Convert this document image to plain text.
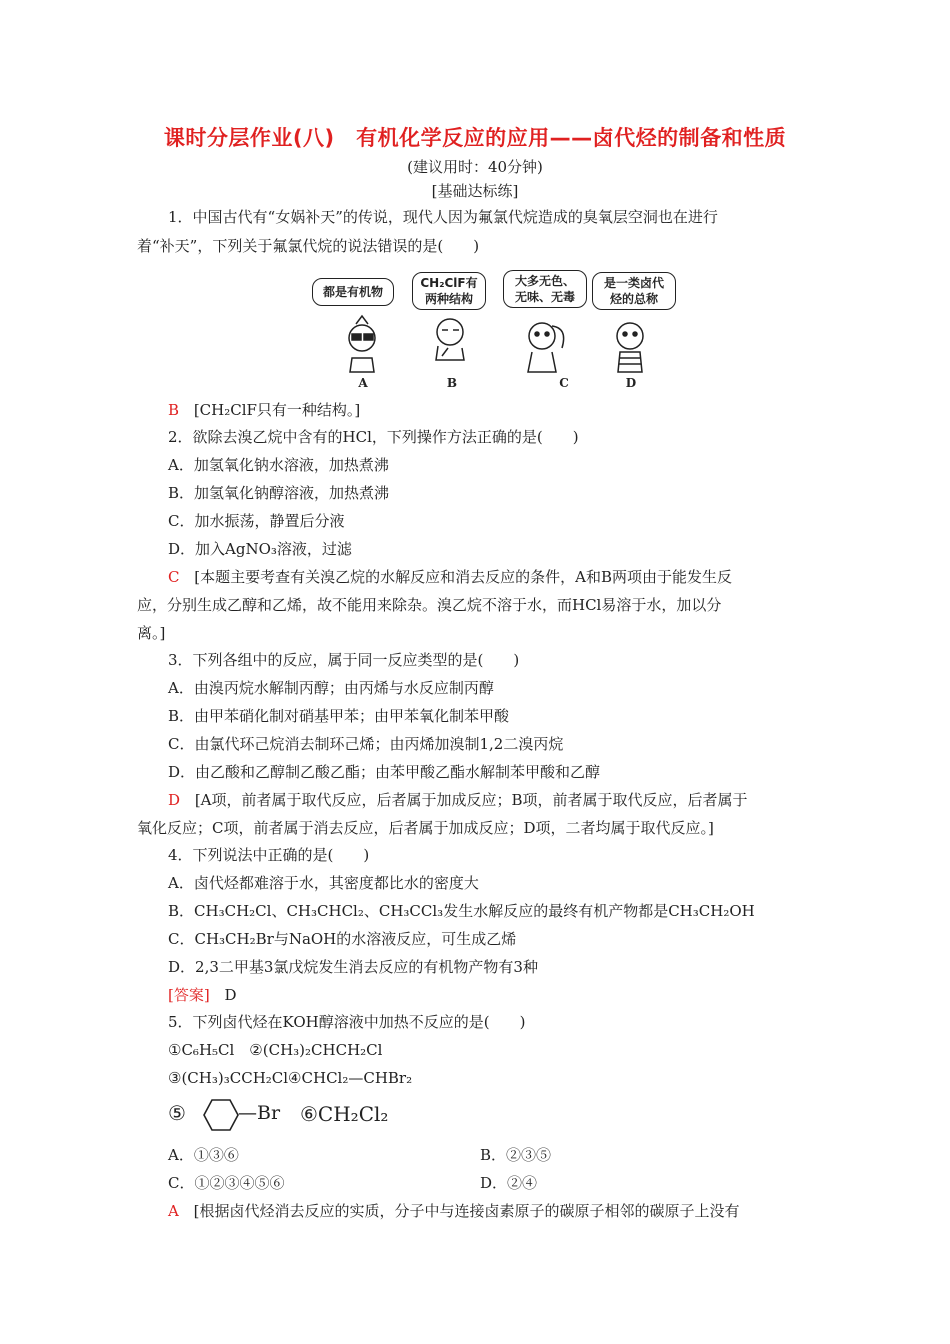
课时分层作业(八)　有机化学反应的应用——卤代烃的制备和性质
(建议用时：40分钟)
[基础达标练]
1．中国古代有“女娲补天”的传说，现代人因为氟氯代烷造成的臭氧层空洞也在进行
着“补天”，下列关于氟氯代烷的说法错误的是(　　)
都是有机物
CH₂ClF有
两种结构
大多无色、
无味、无毒
是一类卤代
烃的总称
A	B	C	D
B [CH₂ClF只有一种结构。]
2．欲除去溴乙烷中含有的HCl，下列操作方法正确的是(　　)
A．加氢氧化钠水溶液，加热煮沸
B．加氢氧化钠醇溶液，加热煮沸
C．加水振荡，静置后分液
D．加入AgNO₃溶液，过滤
C [本题主要考查有关溴乙烷的水解反应和消去反应的条件，A和B两项由于能发生反
应，分别生成乙醇和乙烯，故不能用来除杂。溴乙烷不溶于水，而HCl易溶于水，加以分
离。]
3．下列各组中的反应，属于同一反应类型的是(　　)
A．由溴丙烷水解制丙醇；由丙烯与水反应制丙醇
B．由甲苯硝化制对硝基甲苯；由甲苯氧化制苯甲酸
C．由氯代环己烷消去制环己烯；由丙烯加溴制1,2二溴丙烷
D．由乙酸和乙醇制乙酸乙酯；由苯甲酸乙酯水解制苯甲酸和乙醇
D [A项，前者属于取代反应，后者属于加成反应；B项，前者属于取代反应，后者属于
氧化反应；C项，前者属于消去反应，后者属于加成反应；D项，二者均属于取代反应。]
4．下列说法中正确的是(　　)
A．卤代烃都难溶于水，其密度都比水的密度大
B．CH₃CH₂Cl、CH₃CHCl₂、CH₃CCl₃发生水解反应的最终有机产物都是CH₃CH₂OH
C．CH₃CH₂Br与NaOH的水溶液反应，可生成乙烯
D．2,3二甲基3氯戊烷发生消去反应的有机物产物有3种
[答案] D
5．下列卤代烃在KOH醇溶液中加热不反应的是(　　)
①C₆H₅Cl　②(CH₃)₂CHCH₂Cl
③(CH₃)₃CCH₂Cl④CHCl₂—CHBr₂
⑤	—Br ⑥CH₂Cl₂
A．①③⑥	B．②③⑤
C．①②③④⑤⑥	D．②④
A [根据卤代烃消去反应的实质，分子中与连接卤素原子的碳原子相邻的碳原子上没有
